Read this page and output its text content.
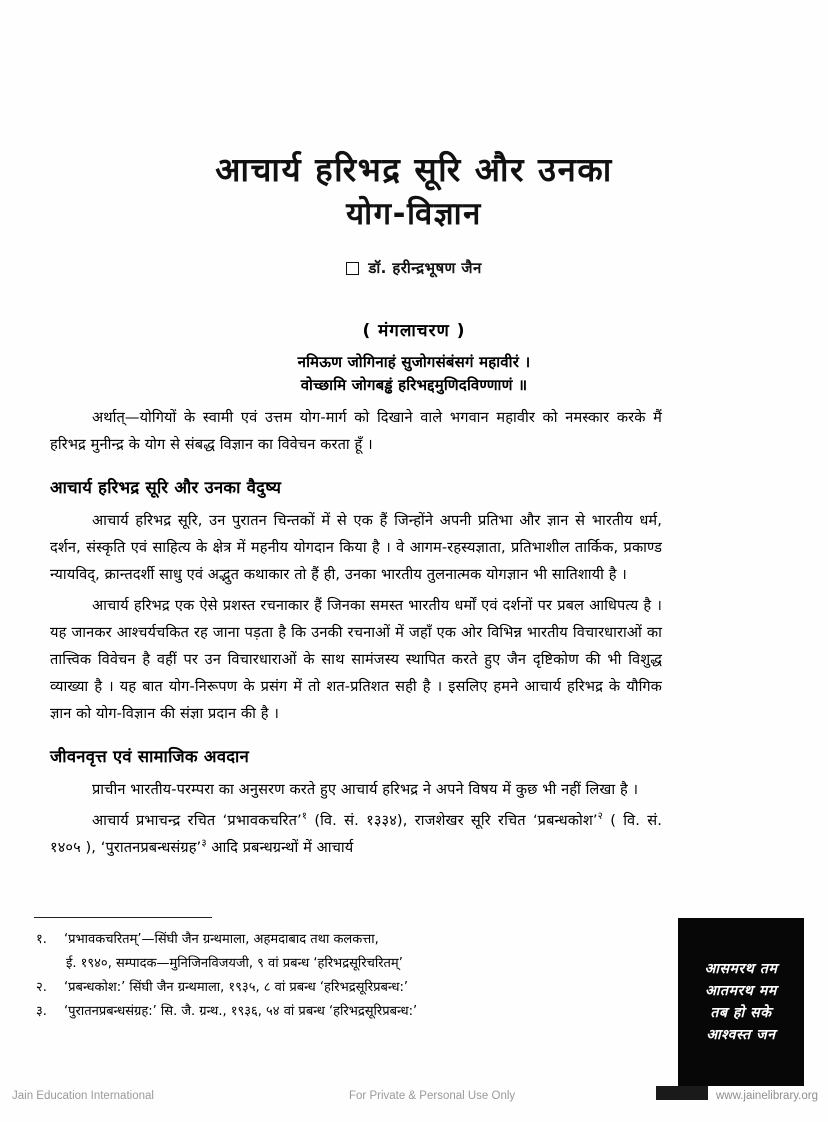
आचार्य हरिभद्र सूरि और उनका
योग-विज्ञान
डॉ. हरीन्द्रभूषण जैन
( मंगलाचरण )
नमिऊण जोगिनाहं सुजोगसंबंसगं महावीरं ।
वोच्छामि जोगबड्ढं हरिभद्दमुणिदविण्णाणं ॥

अर्थात्—योगियों के स्वामी एवं उत्तम योग-मार्ग को दिखाने वाले भगवान महावीर को नमस्कार करके मैं हरिभद्र मुनीन्द्र के योग से संबद्ध विज्ञान का विवेचन करता हूँ ।

आचार्य हरिभद्र सूरि और उनका वैदुष्य

आचार्य हरिभद्र सूरि, उन पुरातन चिन्तकों में से एक हैं जिन्होंने अपनी प्रतिभा और ज्ञान से भारतीय धर्म, दर्शन, संस्कृति एवं साहित्य के क्षेत्र में महनीय योगदान किया है । वे आगम-रहस्यज्ञाता, प्रतिभाशील तार्किक, प्रकाण्ड न्यायविद्, क्रान्तदर्शी साधु एवं अद्भुत कथाकार तो हैं ही, उनका भारतीय तुलनात्मक योगज्ञान भी सातिशायी है ।

आचार्य हरिभद्र एक ऐसे प्रशस्त रचनाकार हैं जिनका समस्त भारतीय धर्मों एवं दर्शनों पर प्रबल आधिपत्य है । यह जानकर आश्चर्यचकित रह जाना पड़ता है कि उनकी रचनाओं में जहाँ एक ओर विभिन्न भारतीय विचारधाराओं का तात्त्विक विवेचन है वहीं पर उन विचारधाराओं के साथ सामंजस्य स्थापित करते हुए जैन दृष्टिकोण की भी विशुद्ध व्याख्या है । यह बात योग-निरूपण के प्रसंग में तो शत-प्रतिशत सही है । इसलिए हमने आचार्य हरिभद्र के यौगिक ज्ञान को योग-विज्ञान की संज्ञा प्रदान की है ।

जीवनवृत्त एवं सामाजिक अवदान

प्राचीन भारतीय-परम्परा का अनुसरण करते हुए आचार्य हरिभद्र ने अपने विषय में कुछ भी नहीं लिखा है ।

आचार्य प्रभाचन्द्र रचित ‘प्रभावकचरित’$^१$ (वि. सं. १३३४), राजशेखर सूरि रचित ‘प्रबन्धकोश’$^२$ ( वि. सं. १४०५ ), ‘पुरातनप्रबन्धसंग्रह’$^३$ आदि प्रबन्धग्रन्थों में आचार्य

१.	‘प्रभावकचरितम्’—सिंघी जैन ग्रन्थमाला, अहमदाबाद तथा कलकत्ता,
ई. १९४०, सम्पादक—मुनिजिनविजयजी, ९ वां प्रबन्ध ‘हरिभद्रसूरिचरितम्’
२.	‘प्रबन्धकोश:’ सिंघी जैन ग्रन्थमाला, १९३५, ८ वां प्रबन्ध ‘हरिभद्रसूरिप्रबन्ध:’
३.	‘पुरातनप्रबन्धसंग्रह:’ सि. जै. ग्रन्थ., १९३६, ५४ वां प्रबन्ध ‘हरिभद्रसूरिप्रबन्ध:’
आसमरथ तम
आतमरथ मम
तब हो सके
आश्वस्त जन
Jain Education International	For Private & Personal Use Only	www.jainelibrary.org
